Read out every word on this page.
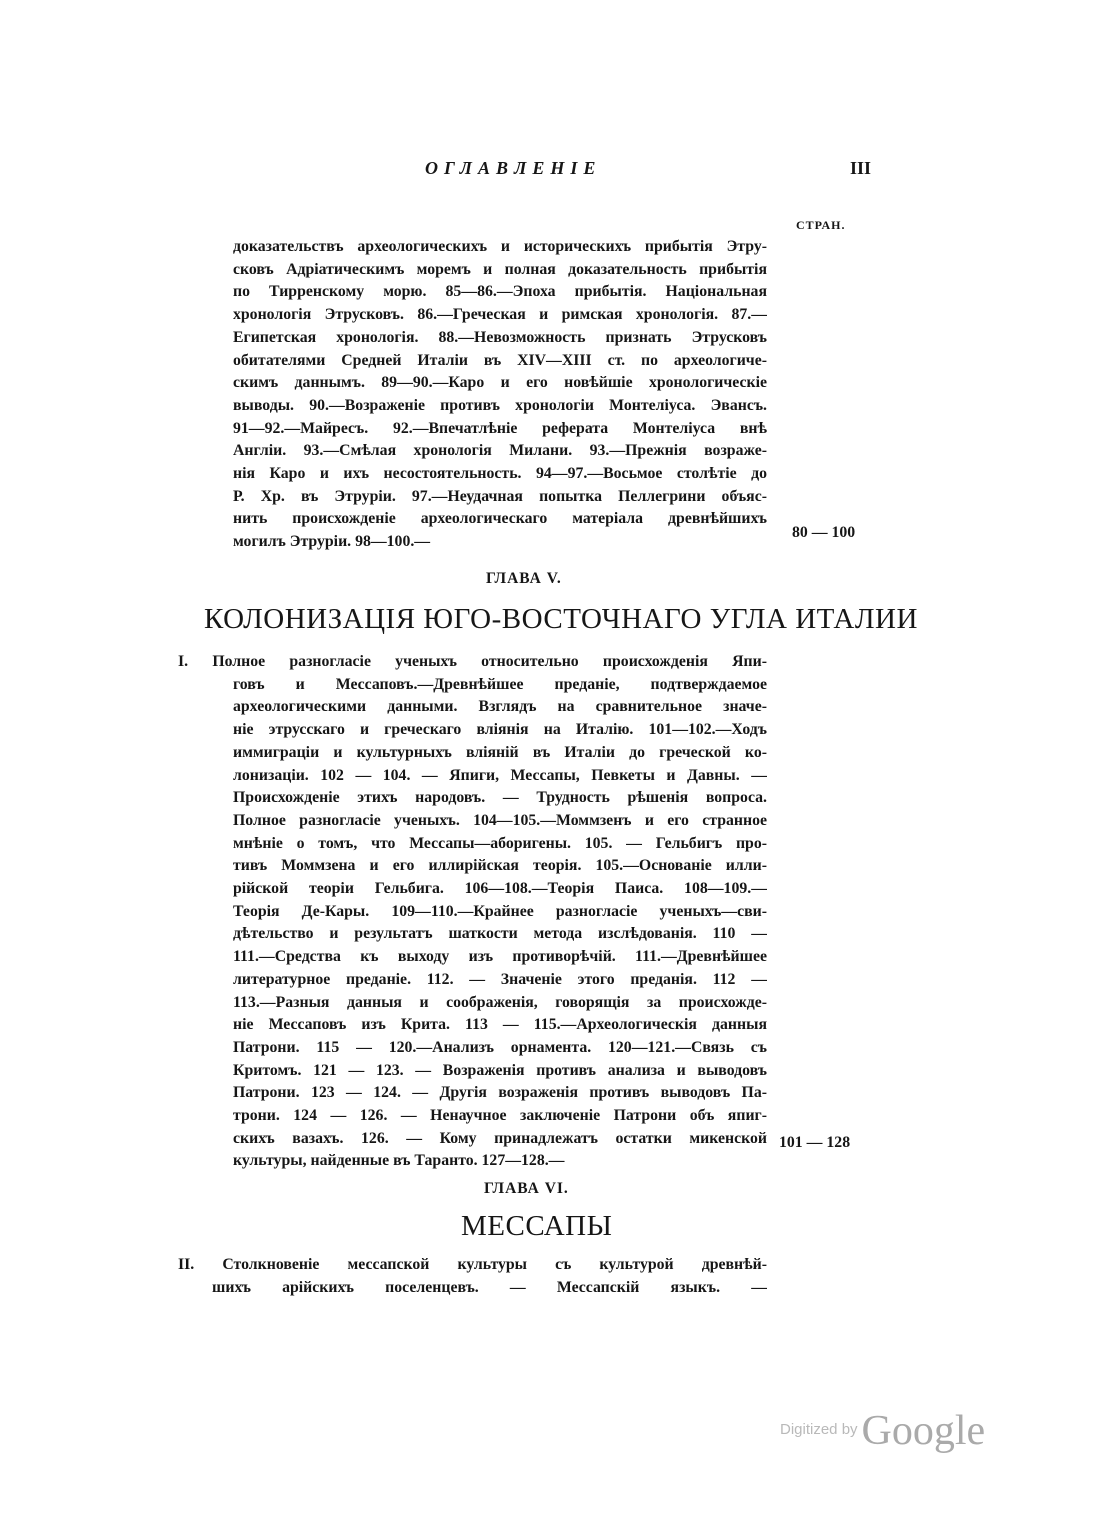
ОГЛАВЛЕНІЕ	III
СТРАН.
доказательствъ археологическихъ и историческихъ прибытія Этру-
сковъ Адріатическимъ моремъ и полная доказательность прибытія
по Тирренскому морю. 85—86.—Эпоха прибытія. Національная
хронологія Этрусковъ. 86.—Греческая и римская хронологія. 87.—
Египетская хронологія. 88.—Невозможность признать Этрусковъ
обитателями Средней Италіи въ XIV—XIII ст. по археологиче-
скимъ даннымъ. 89—90.—Каро и его новѣйшіе хронологическіе
выводы. 90.—Возраженіе противъ хронологіи Монтеліуса. Эвансъ.
91—92.—Майресъ. 92.—Впечатлѣніе реферата Монтеліуса внѣ
Англіи. 93.—Смѣлая хронологія Милани. 93.—Прежнія возраже-
нія Каро и ихъ несостоятельность. 94—97.—Восьмое столѣтіе до
Р. Хр. въ Этруріи. 97.—Неудачная попытка Пеллегрини объяс-
нить происхожденіе археологическаго матеріала древнѣйшихъ
могилъ Этруріи. 98—100.—
80 — 100
ГЛАВА V.
КОЛОНИЗАЦІЯ ЮГО-ВОСТОЧНАГО УГЛА ИТАЛИИ
I. Полное разногласіе ученыхъ относительно происхожденія Япи-
говъ и Мессаповъ.—Древнѣйшее преданіе, подтверждаемое
археологическими данными. Взглядъ на сравнительное значе-
ніе этрусскаго и греческаго вліянія на Италію. 101—102.—Ходъ
иммиграціи и культурныхъ вліяній въ Италіи до греческой ко-
лонизаціи. 102 — 104. — Япиги, Мессапы, Певкеты и Давны. —
Происхожденіе этихъ народовъ. — Трудность рѣшенія вопроса.
Полное разногласіе ученыхъ. 104—105.—Моммзенъ и его странное
мнѣніе о томъ, что Мессапы—аборигены. 105. — Гельбигъ про-
тивъ Моммзена и его иллирійская теорія. 105.—Основаніе илли-
рійской теоріи Гельбига. 106—108.—Теорія Паиса. 108—109.—
Теорія Де-Кары. 109—110.—Крайнее разногласіе ученыхъ—сви-
дѣтельство и результатъ шаткости метода изслѣдованія. 110 —
111.—Средства къ выходу изъ противорѣчій. 111.—Древнѣйшее
литературное преданіе. 112. — Значеніе этого преданія. 112 —
113.—Разныя данныя и соображенія, говорящія за происхожде-
ніе Мессаповъ изъ Крита. 113 — 115.—Археологическія данныя
Патрони. 115 — 120.—Анализъ орнамента. 120—121.—Связь съ
Критомъ. 121 — 123. — Возраженія противъ анализа и выводовъ
Патрони. 123 — 124. — Другія возраженія противъ выводовъ Па-
трони. 124 — 126. — Ненаучное заключеніе Патрони объ япиг-
скихъ вазахъ. 126. — Кому принадлежатъ остатки микенской
культуры, найденные въ Таранто. 127—128.—
101 — 128
ГЛАВА VI.
МЕССАПЫ
II. Столкновеніе мессапской культуры съ культурой древнѣй-
шихъ арійскихъ поселенцевъ. — Мессапскій языкъ. —
Digitized by Google
